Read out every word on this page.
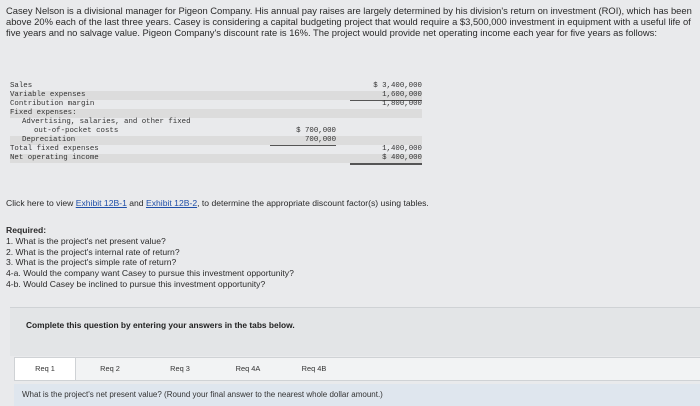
Casey Nelson is a divisional manager for Pigeon Company. His annual pay raises are largely determined by his division's return on investment (ROI), which has been above 20% each of the last three years. Casey is considering a capital budgeting project that would require a $3,500,000 investment in equipment with a useful life of five years and no salvage value. Pigeon Company's discount rate is 16%. The project would provide net operating income each year for five years as follows:
Sales	$ 3,400,000
Variable expenses	1,600,000
Contribution margin	1,800,000
Fixed expenses:
Advertising, salaries, and other fixed
out-of-pocket costs	$ 700,000
Depreciation	700,000
Total fixed expenses	1,400,000
Net operating income	$ 400,000
Click here to view Exhibit 12B-1 and Exhibit 12B-2, to determine the appropriate discount factor(s) using tables.
Required:
1. What is the project's net present value?
2. What is the project's internal rate of return?
3. What is the project's simple rate of return?
4-a. Would the company want Casey to pursue this investment opportunity?
4-b. Would Casey be inclined to pursue this investment opportunity?
Complete this question by entering your answers in the tabs below.
Req 1	Req 2	Req 3	Req 4A	Req 4B
What is the project's net present value? (Round your final answer to the nearest whole dollar amount.)
